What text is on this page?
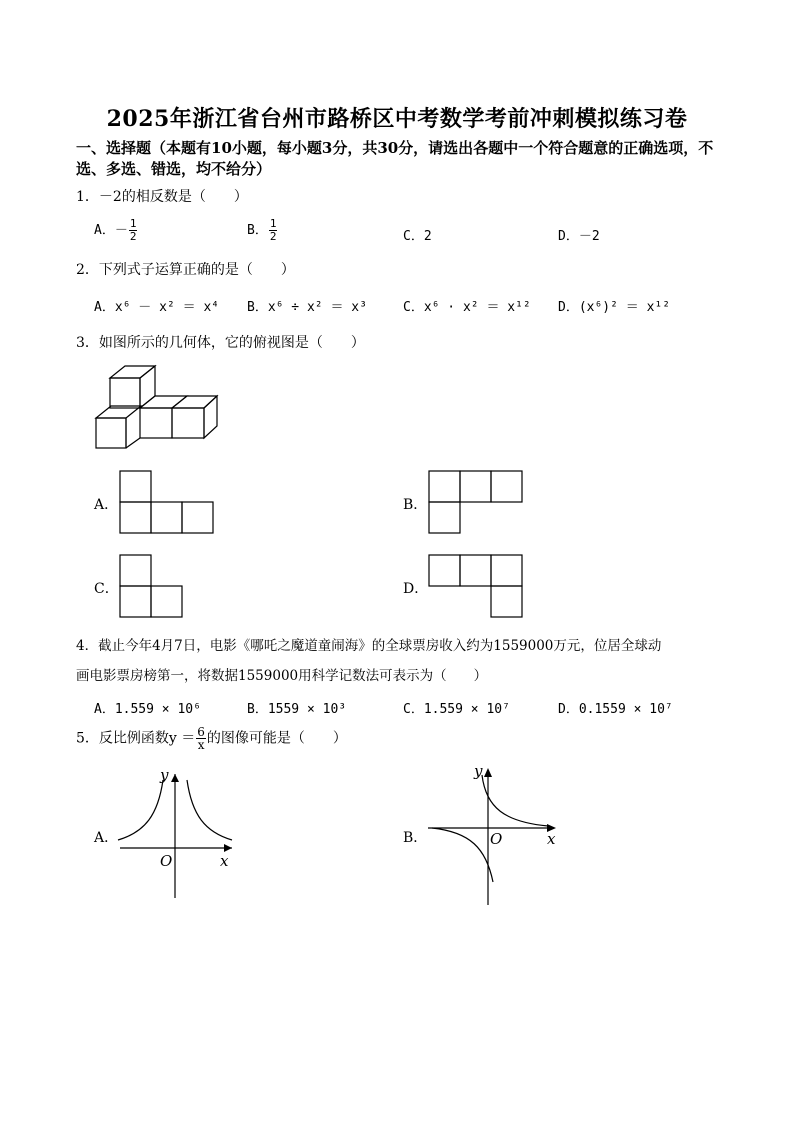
2025年浙江省台州市路桥区中考数学考前冲刺模拟练习卷
一、选择题（本题有10小题，每小题3分，共30分，请选出各题中一个符合题意的正确选项，不选、多选、错选，均不给分）
1．－2的相反数是（　　）
A．－ $\frac{1}{2}$	B． $\frac{1}{2}$	C．2	D．－2
2．下列式子运算正确的是（　　）
A．x⁶ － x² ＝ x⁴ B．x⁶ ÷ x² ＝ x³	C．x⁶ · x² ＝ x¹² D．(x⁶)² ＝ x¹²
3．如图所示的几何体，它的俯视图是（　　）
A．	B．
C．	D．
4．截止今年4月7日，电影《哪吒之魔道童闹海》的全球票房收入约为1559000万元，位居全球动
画电影票房榜第一，将数据1559000用科学记数法可表示为（　　）
A．1.559 × 10⁶	B．1559 × 10³	C．1.559 × 10⁷	D．0.1559 × 10⁷
5．反比例函数$y = \frac{6}{x}$ 的图像可能是（　　）
A．	B．
y
x
O
y
x
O
